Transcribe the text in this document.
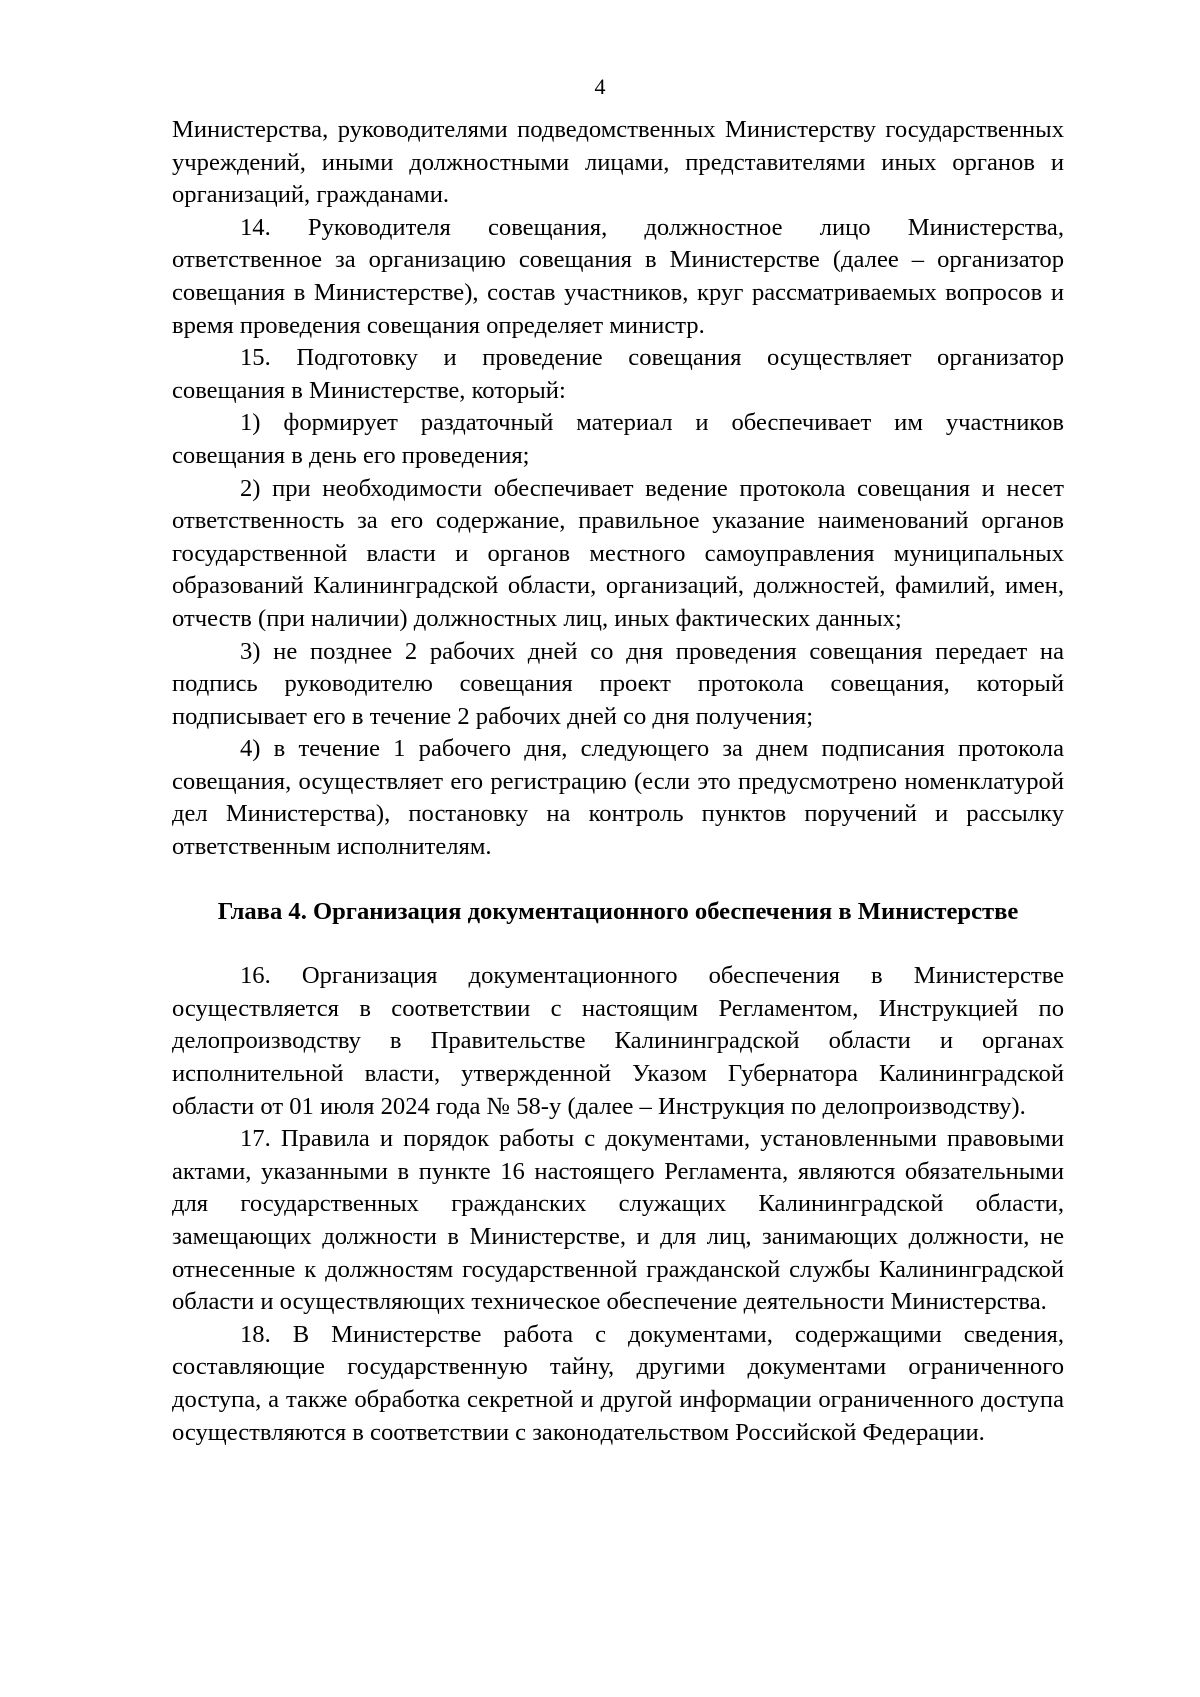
4

Министерства, руководителями подведомственных Министерству государственных учреждений, иными должностными лицами, представителями иных органов и организаций, гражданами.

14. Руководителя совещания, должностное лицо Министерства, ответственное за организацию совещания в Министерстве (далее – организатор совещания в Министерстве), состав участников, круг рассматриваемых вопросов и время проведения совещания определяет министр.

15. Подготовку и проведение совещания осуществляет организатор совещания в Министерстве, который:

1) формирует раздаточный материал и обеспечивает им участников совещания в день его проведения;

2) при необходимости обеспечивает ведение протокола совещания и несет ответственность за его содержание, правильное указание наименований органов государственной власти и органов местного самоуправления муниципальных образований Калининградской области, организаций, должностей, фамилий, имен, отчеств (при наличии) должностных лиц, иных фактических данных;

3) не позднее 2 рабочих дней со дня проведения совещания передает на подпись руководителю совещания проект протокола совещания, который подписывает его в течение 2 рабочих дней со дня получения;

4) в течение 1 рабочего дня, следующего за днем подписания протокола совещания, осуществляет его регистрацию (если это предусмотрено номенклатурой дел Министерства), постановку на контроль пунктов поручений и рассылку ответственным исполнителям.

Глава 4. Организация документационного обеспечения в Министерстве

16. Организация документационного обеспечения в Министерстве осуществляется в соответствии с настоящим Регламентом, Инструкцией по делопроизводству в Правительстве Калининградской области и органах исполнительной власти, утвержденной Указом Губернатора Калининградской области от 01 июля 2024 года № 58-у (далее – Инструкция по делопроизводству).

17. Правила и порядок работы с документами, установленными правовыми актами, указанными в пункте 16 настоящего Регламента, являются обязательными для государственных гражданских служащих Калининградской области, замещающих должности в Министерстве, и для лиц, занимающих должности, не отнесенные к должностям государственной гражданской службы Калининградской области и осуществляющих техническое обеспечение деятельности Министерства.

18. В Министерстве работа с документами, содержащими сведения, составляющие государственную тайну, другими документами ограниченного доступа, а также обработка секретной и другой информации ограниченного доступа осуществляются в соответствии с законодательством Российской Федерации.
